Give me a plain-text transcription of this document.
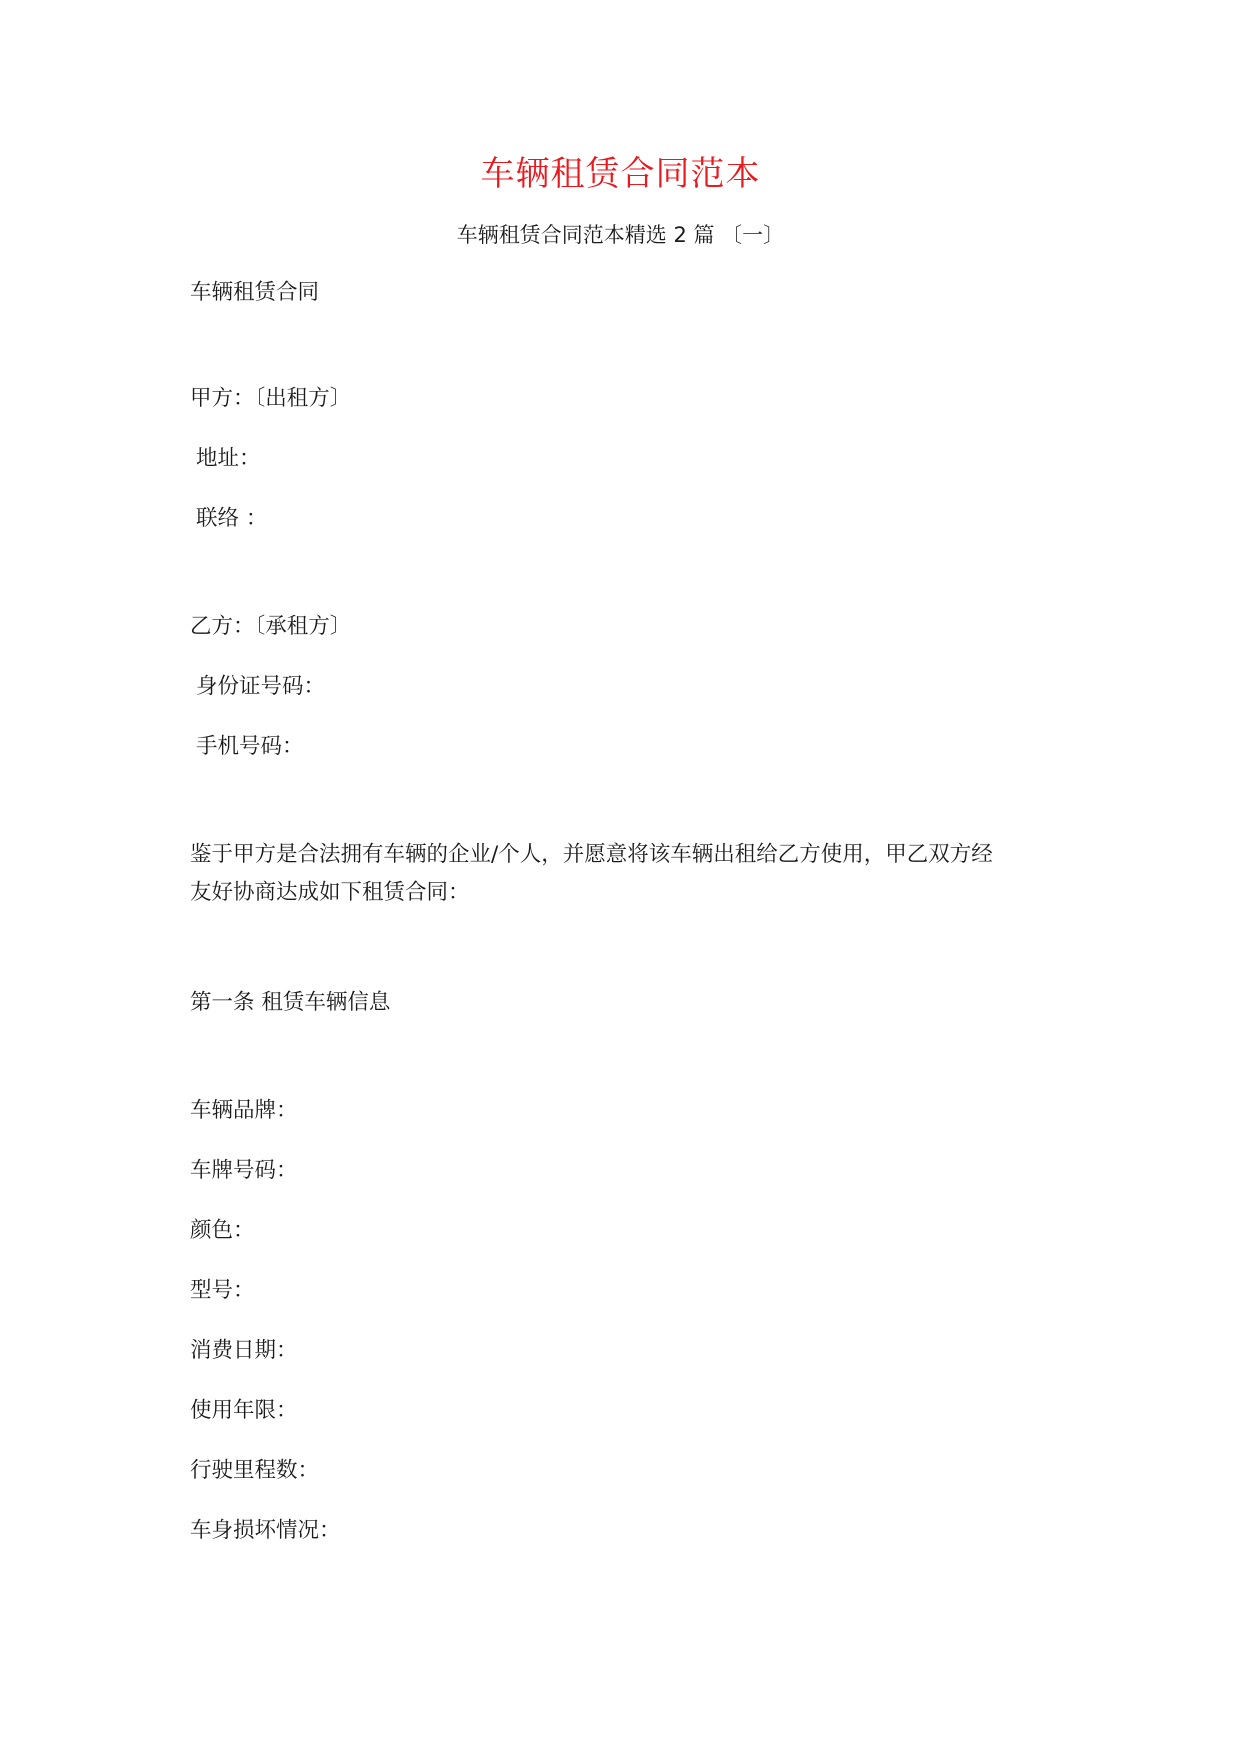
车辆租赁合同范本
车辆租赁合同范本精选 2 篇 〔一〕
车辆租赁合同
甲方：〔出租方〕
地址：
联络 ：
乙方：〔承租方〕
身份证号码：
手机号码：
鉴于甲方是合法拥有车辆的企业/个人，并愿意将该车辆出租给乙方使用，甲乙双方经
友好协商达成如下租赁合同：
第一条 租赁车辆信息
车辆品牌：
车牌号码：
颜色：
型号：
消费日期：
使用年限：
行驶里程数：
车身损坏情况：
